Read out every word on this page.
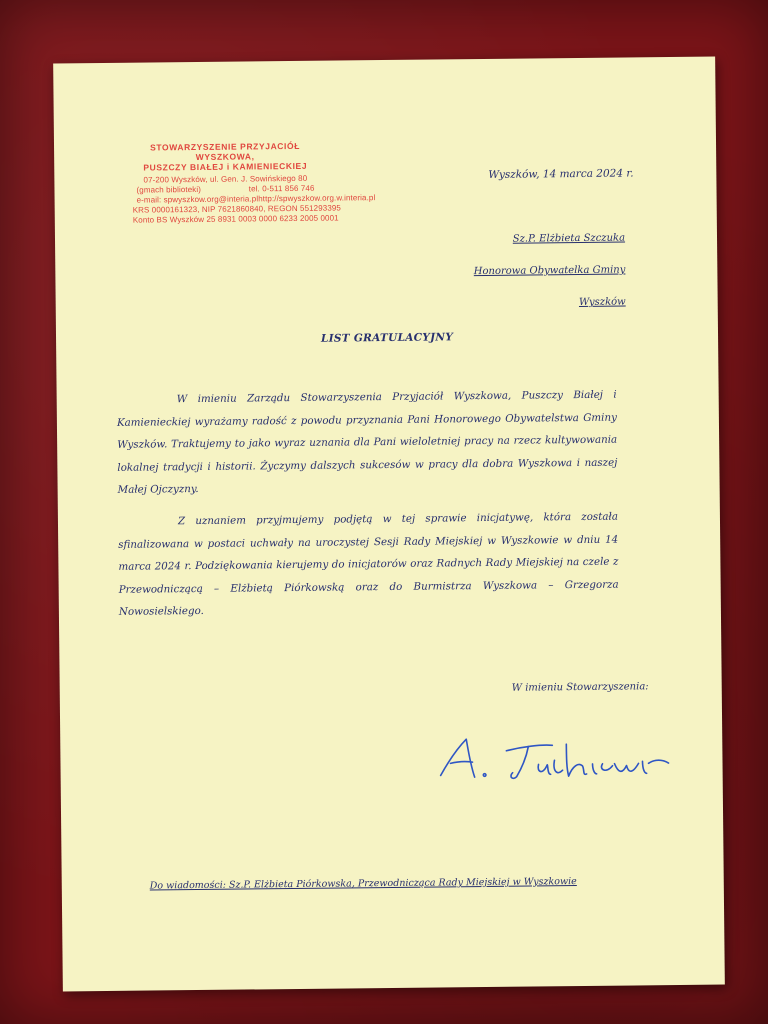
STOWARZYSZENIE PRZYJACIÓŁ WYSZKOWA,
PUSZCZY BIAŁEJ i KAMIENIECKIEJ
07-200 Wyszków, ul. Gen. J. Sowińskiego 80
(gmach biblioteki)	tel. 0-511 856 746
e-mail: spwyszkow.org@interia.pl http://spwyszkow.org.w.interia.pl
KRS 0000161323, NIP 7621860840, REGON 551293395
Konto BS Wyszków 25 8931 0003 0000 6233 2005 0001
Wyszków, 14 marca 2024 r.
Sz.P. Elżbieta Szczuka
Honorowa Obywatelka Gminy Wyszków
LIST GRATULACYJNY

W imieniu Zarządu Stowarzyszenia Przyjaciół Wyszkowa, Puszczy Białej i Kamienieckiej wyrażamy radość z powodu przyznania Pani Honorowego Obywatelstwa Gminy Wyszków. Traktujemy to jako wyraz uznania dla Pani wieloletniej pracy na rzecz kultywowania lokalnej tradycji i historii. Życzymy dalszych sukcesów w pracy dla dobra Wyszkowa i naszej Małej Ojczyzny.

Z uznaniem przyjmujemy podjętą w tej sprawie inicjatywę, która została sfinalizowana w postaci uchwały na uroczystej Sesji Rady Miejskiej w Wyszkowie w dniu 14 marca 2024 r. Podziękowania kierujemy do inicjatorów oraz Radnych Rady Miejskiej na czele z Przewodniczącą – Elżbietą Piórkowską oraz do Burmistrza Wyszkowa – Grzegorza Nowosielskiego.

W imieniu Stowarzyszenia:
Do wiadomości: Sz.P. Elżbieta Piórkowska, Przewodnicząca Rady Miejskiej w Wyszkowie
